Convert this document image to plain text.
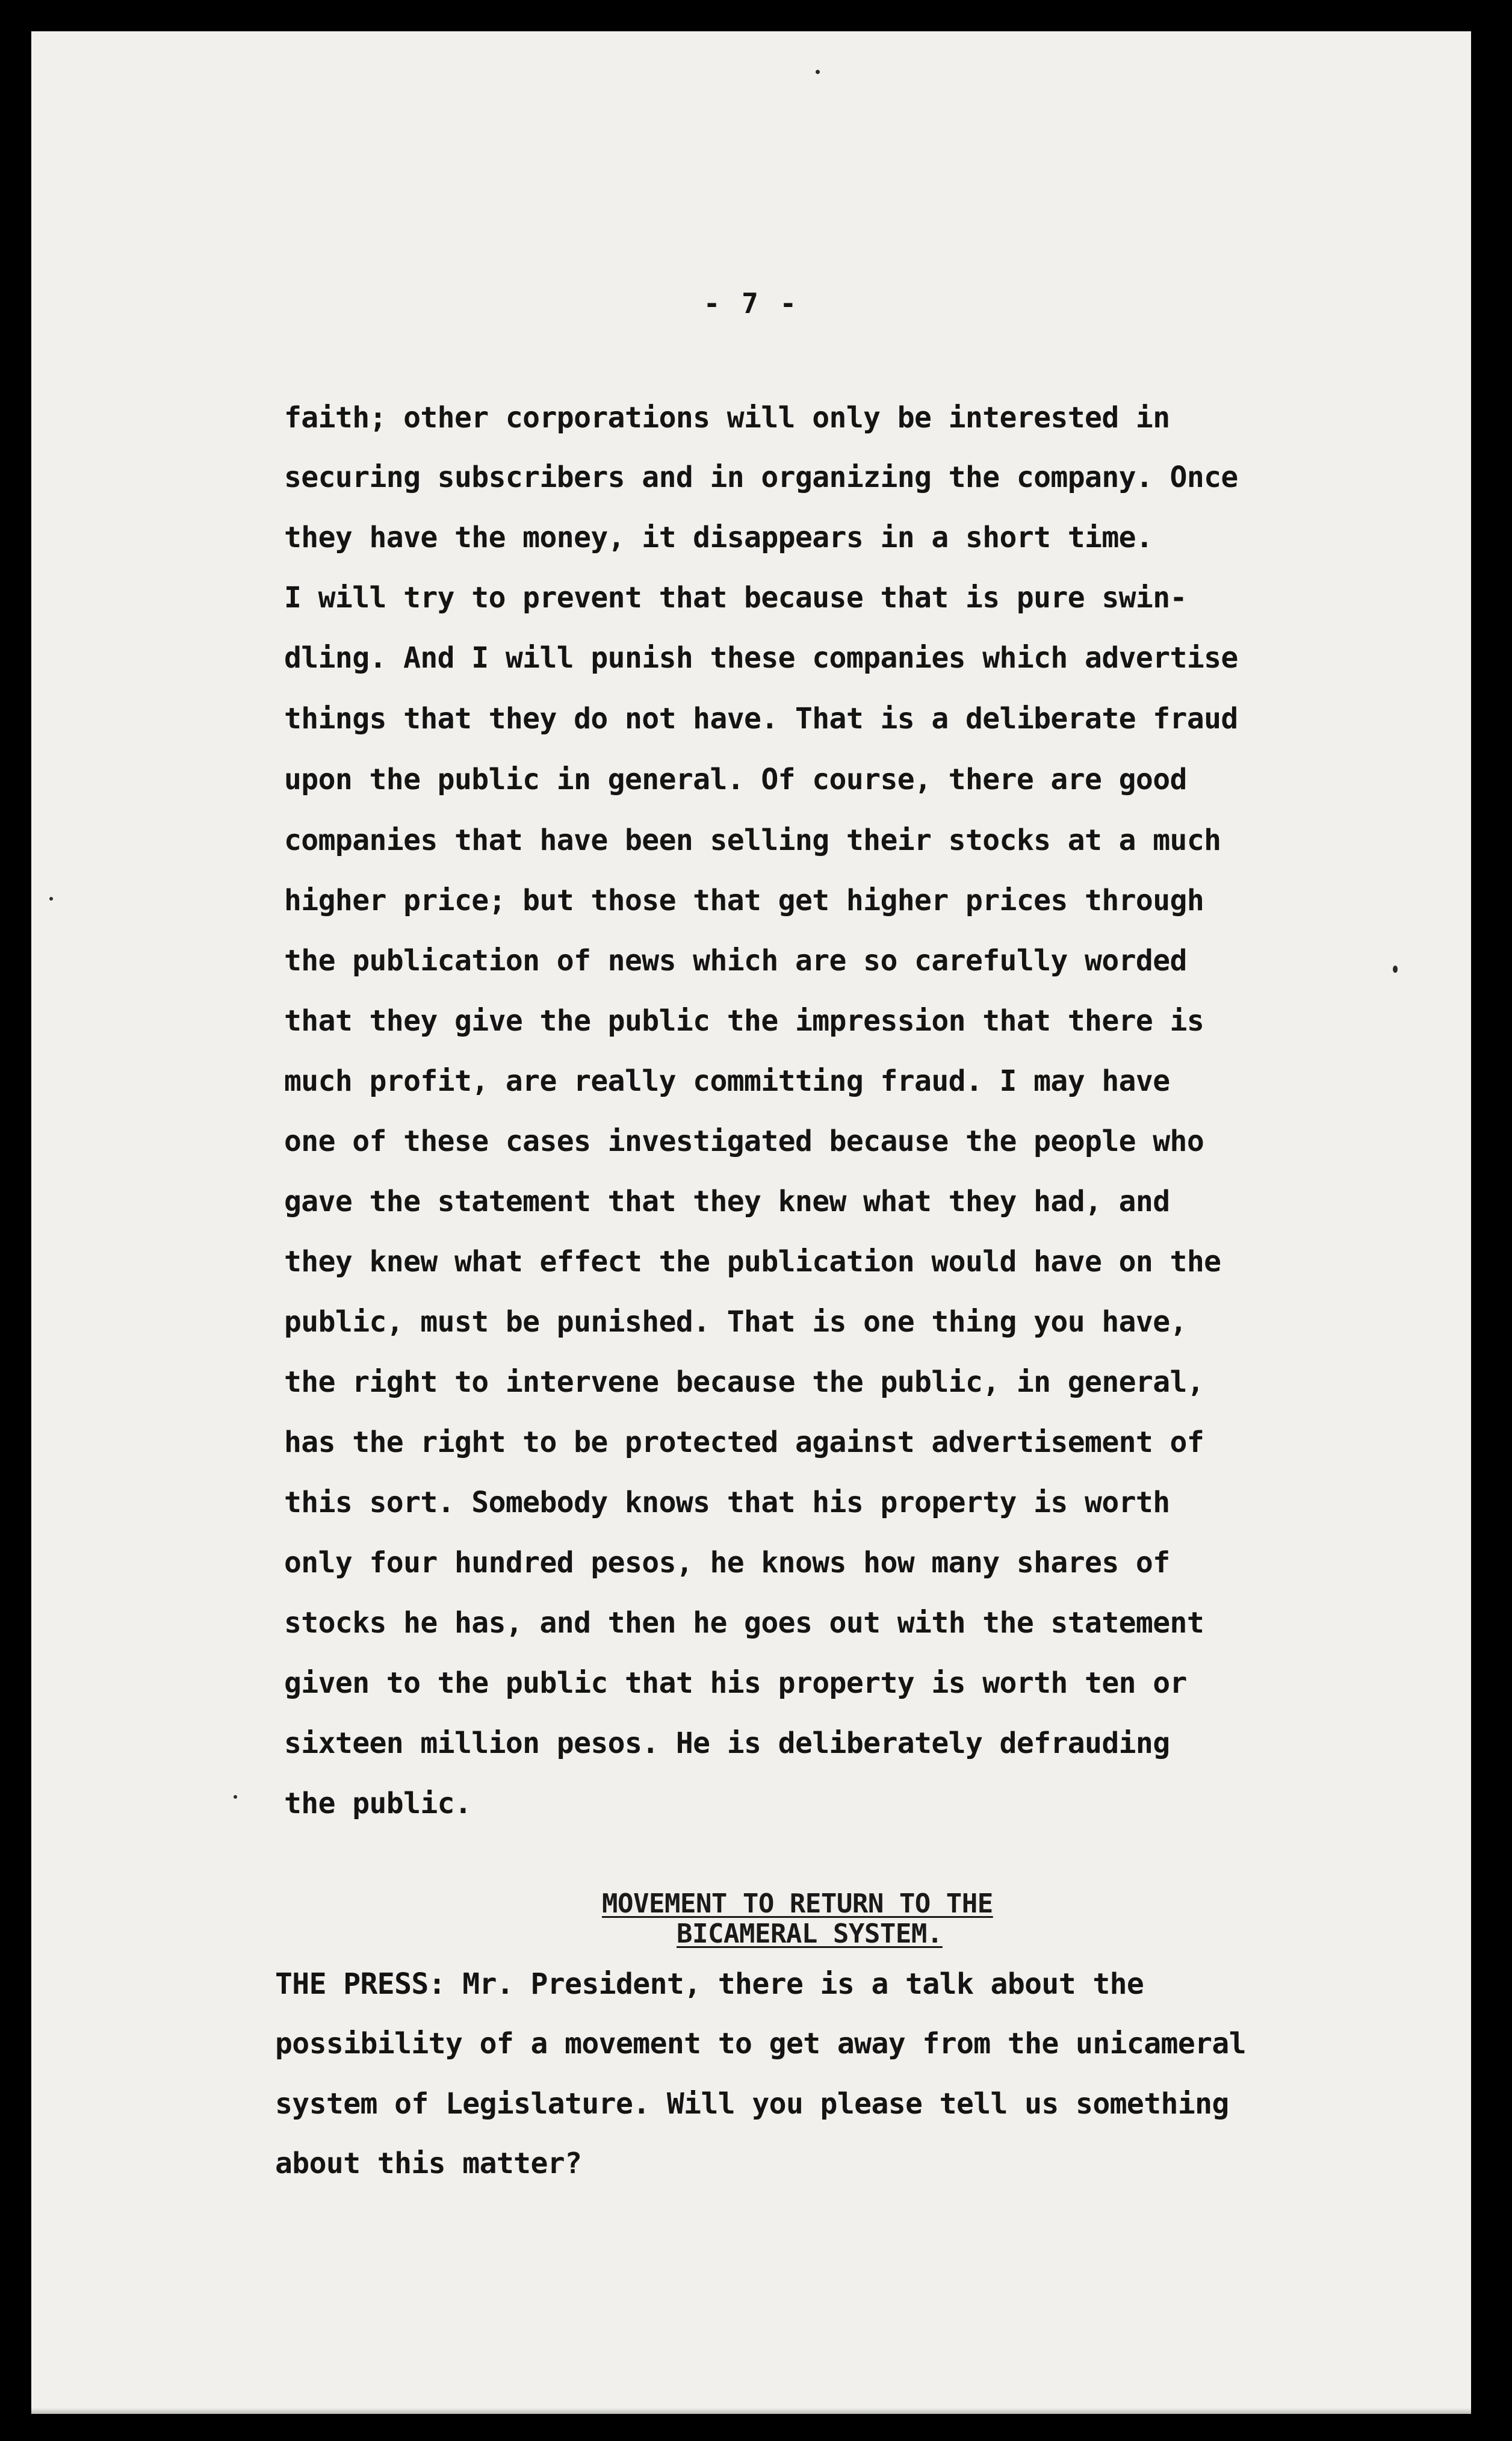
- 7 -
faith; other corporations will only be interested in
securing subscribers and in organizing the company. Once
they have the money, it disappears in a short time.
I will try to prevent that because that is pure swin-
dling. And I will punish these companies which advertise
things that they do not have. That is a deliberate fraud
upon the public in general. Of course, there are good
companies that have been selling their stocks at a much
higher price; but those that get higher prices through
the publication of news which are so carefully worded
that they give the public the impression that there is
much profit, are really committing fraud. I may have
one of these cases investigated because the people who
gave the statement that they knew what they had, and
they knew what effect the publication would have on the
public, must be punished. That is one thing you have,
the right to intervene because the public, in general,
has the right to be protected against advertisement of
this sort. Somebody knows that his property is worth
only four hundred pesos, he knows how many shares of
stocks he has, and then he goes out with the statement
given to the public that his property is worth ten or
sixteen million pesos. He is deliberately defrauding
the public.
MOVEMENT TO RETURN TO THE
BICAMERAL SYSTEM.
THE PRESS: Mr. President, there is a talk about the
possibility of a movement to get away from the unicameral
system of Legislature. Will you please tell us something
about this matter?
